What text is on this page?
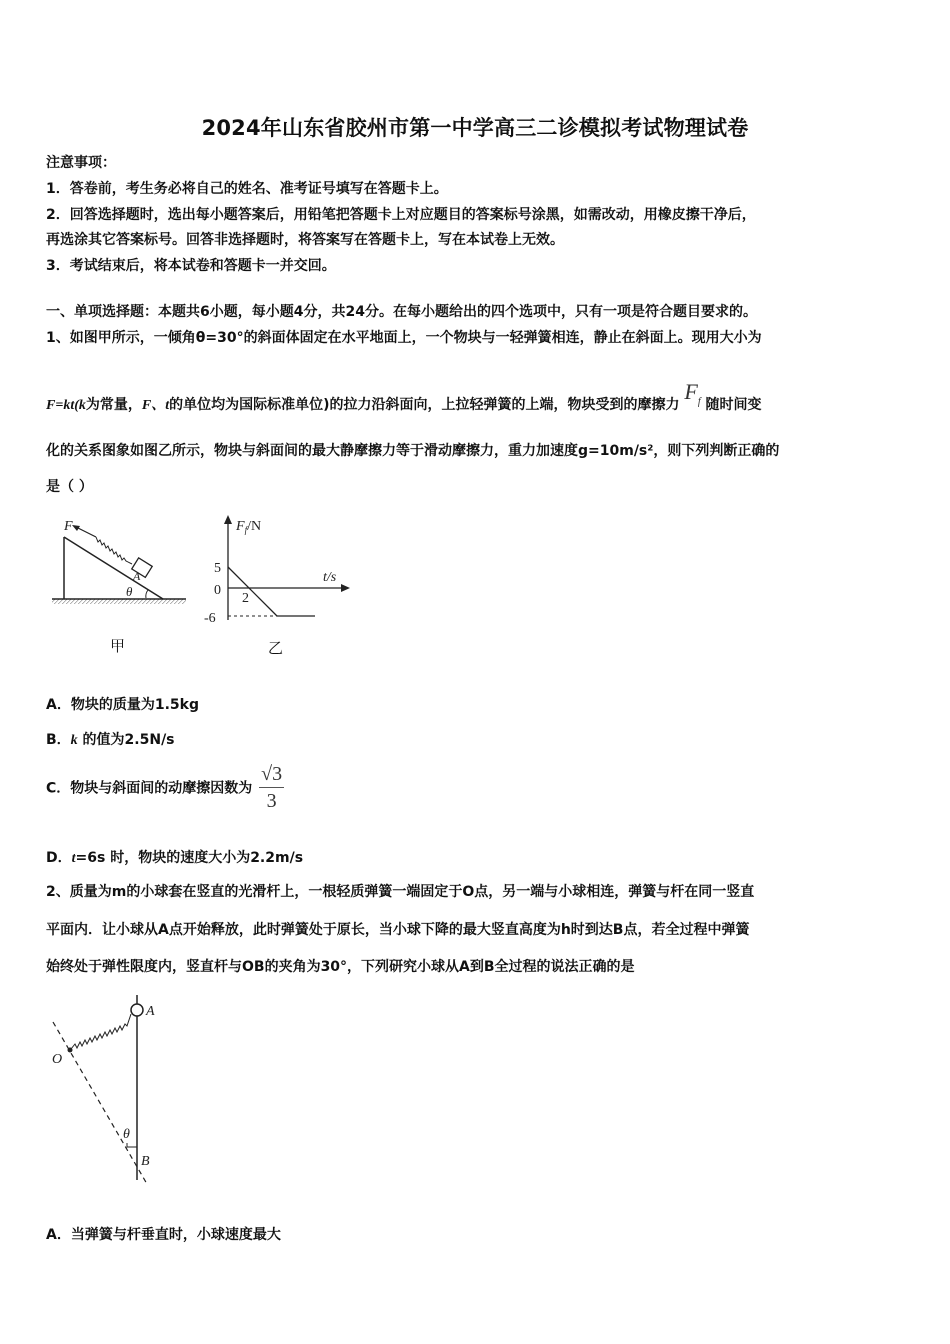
2024年山东省胶州市第一中学高三二诊模拟考试物理试卷
注意事项：
1．答卷前，考生务必将自己的姓名、准考证号填写在答题卡上。
2．回答选择题时，选出每小题答案后，用铅笔把答题卡上对应题目的答案标号涂黑，如需改动，用橡皮擦干净后，
再选涂其它答案标号。回答非选择题时，将答案写在答题卡上，写在本试卷上无效。
3．考试结束后，将本试卷和答题卡一并交回。
一、单项选择题：本题共6小题，每小题4分，共24分。在每小题给出的四个选项中，只有一项是符合题目要求的。
1、如图甲所示，一倾角θ=30°的斜面体固定在水平地面上，一个物块与一轻弹簧相连，静止在斜面上。现用大小为
F=kt(k为常量，F、t的单位均为国际标准单位)的拉力沿斜面向，上拉轻弹簧的上端，物块受到的摩擦力 $F_f$ 随时间变
化的关系图象如图乙所示，物块与斜面间的最大静摩擦力等于滑动摩擦力，重力加速度g=10m/s²，则下列判断正确的
是（ ）
A
F
θ
甲
$F_f/N$
t/s
5
0
2
-6
乙
A．物块的质量为1.5kg
B．k 的值为2.5N/s
C．物块与斜面间的动摩擦因数为 $\frac{√3}{3}$
D．t=6s 时，物块的速度大小为2.2m/s
2、质量为m的小球套在竖直的光滑杆上，一根轻质弹簧一端固定于O点，另一端与小球相连，弹簧与杆在同一竖直
平面内．让小球从A点开始释放，此时弹簧处于原长，当小球下降的最大竖直高度为h时到达B点，若全过程中弹簧
始终处于弹性限度内，竖直杆与OB的夹角为30°，下列研究小球从A到B全过程的说法正确的是
A
O
θ
B
A．当弹簧与杆垂直时，小球速度最大
